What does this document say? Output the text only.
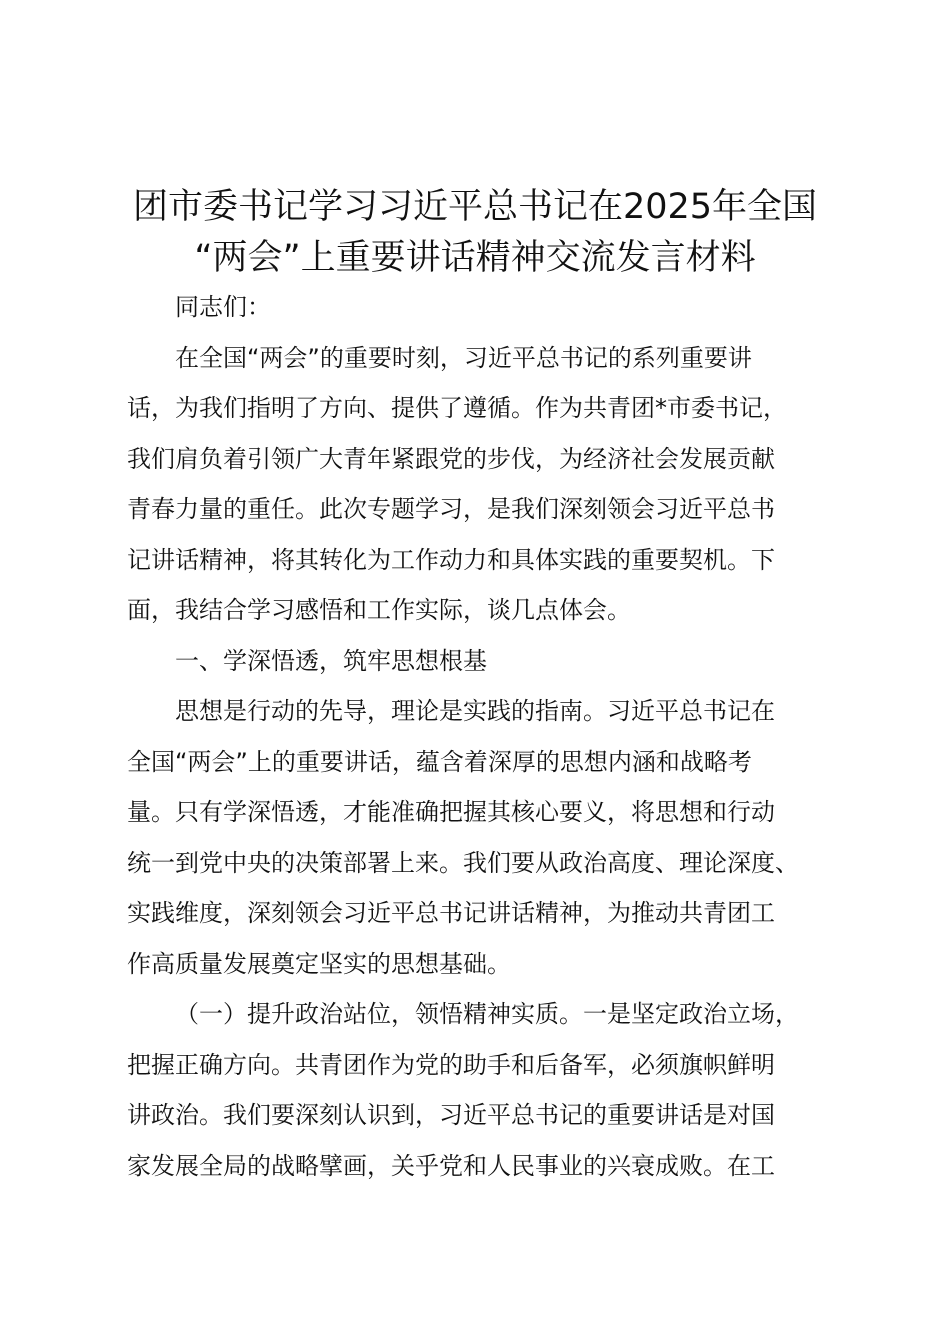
团市委书记学习习近平总书记在2025年全国
“两会”上重要讲话精神交流发言材料

同志们：

在全国“两会”的重要时刻，习近平总书记的系列重要讲
话，为我们指明了方向、提供了遵循。作为共青团*市委书记，
我们肩负着引领广大青年紧跟党的步伐，为经济社会发展贡献
青春力量的重任。此次专题学习，是我们深刻领会习近平总书
记讲话精神，将其转化为工作动力和具体实践的重要契机。下
面，我结合学习感悟和工作实际，谈几点体会。

一、学深悟透，筑牢思想根基

思想是行动的先导，理论是实践的指南。习近平总书记在
全国“两会”上的重要讲话，蕴含着深厚的思想内涵和战略考
量。只有学深悟透，才能准确把握其核心要义，将思想和行动
统一到党中央的决策部署上来。我们要从政治高度、理论深度、
实践维度，深刻领会习近平总书记讲话精神，为推动共青团工
作高质量发展奠定坚实的思想基础。

（一）提升政治站位，领悟精神实质。一是坚定政治立场，
把握正确方向。共青团作为党的助手和后备军，必须旗帜鲜明
讲政治。我们要深刻认识到，习近平总书记的重要讲话是对国
家发展全局的战略擘画，关乎党和人民事业的兴衰成败。在工
